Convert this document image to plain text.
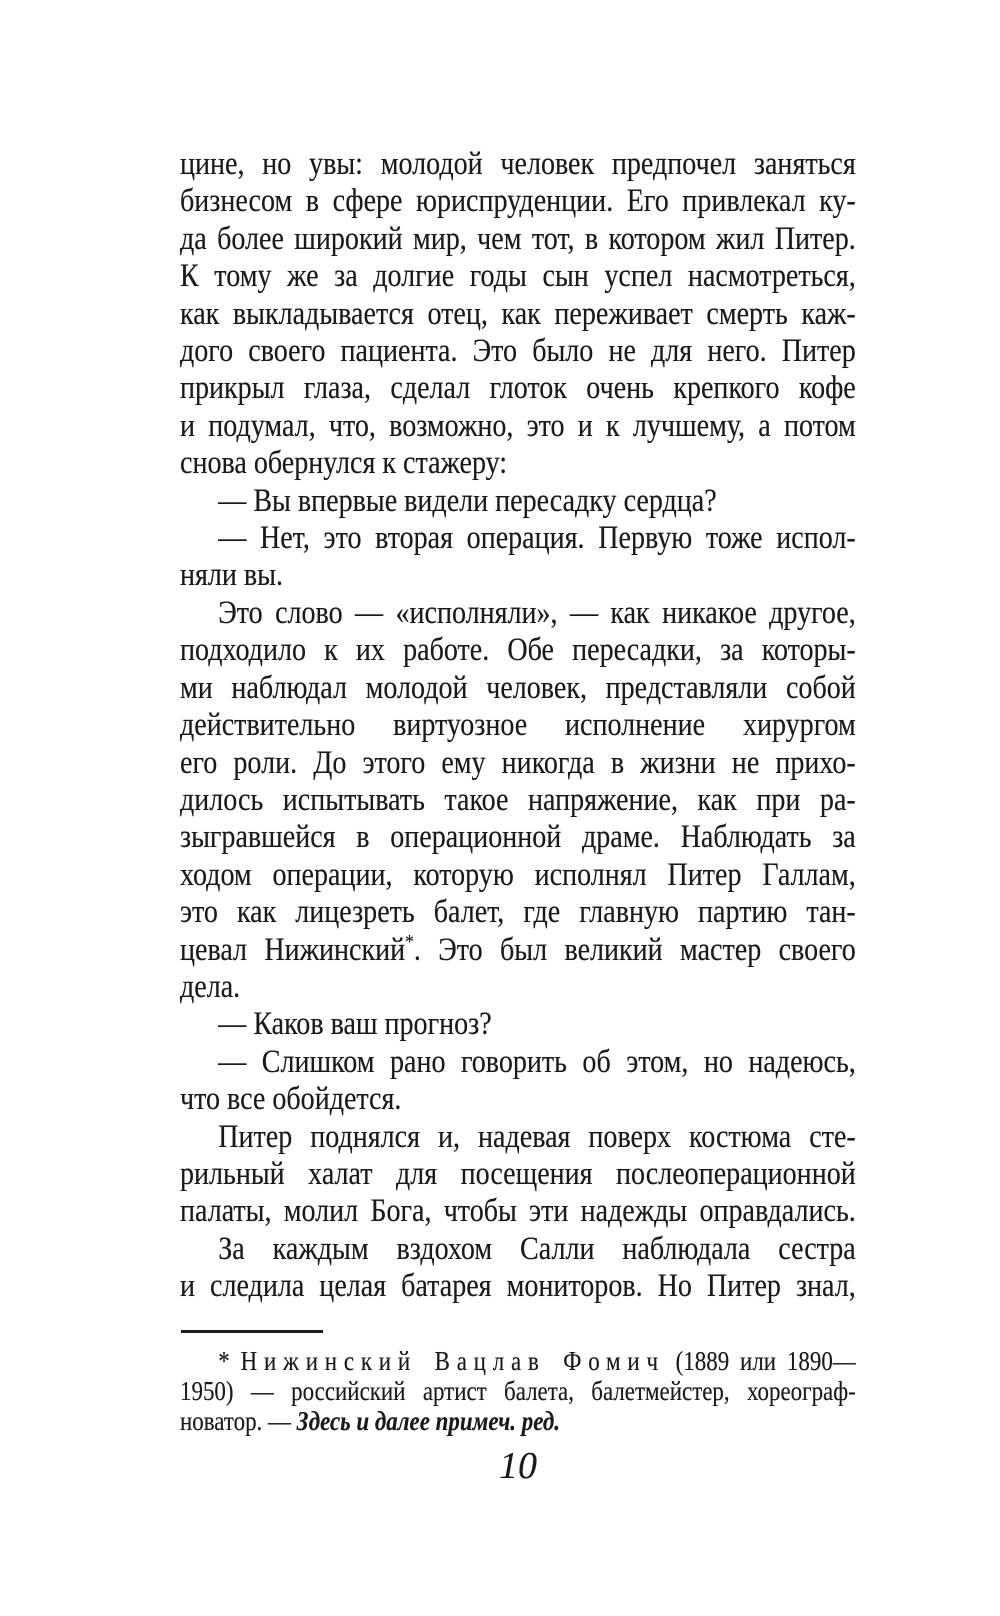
цине, но увы: молодой человек предпочел заняться
бизнесом в сфере юриспруденции. Его привлекал ку-
да более широкий мир, чем тот, в котором жил Питер.
К тому же за долгие годы сын успел насмотреться,
как выкладывается отец, как переживает смерть каж-
дого своего пациента. Это было не для него. Питер
прикрыл глаза, сделал глоток очень крепкого кофе
и подумал, что, возможно, это и к лучшему, а потом
снова обернулся к стажеру:
— Вы впервые видели пересадку сердца?
— Нет, это вторая операция. Первую тоже испол-
няли вы.
Это слово — «исполняли», — как никакое другое,
подходило к их работе. Обе пересадки, за которы-
ми наблюдал молодой человек, представляли собой
действительно виртуозное исполнение хирургом
его роли. До этого ему никогда в жизни не прихо-
дилось испытывать такое напряжение, как при ра-
зыгравшейся в операционной драме. Наблюдать за
ходом операции, которую исполнял Питер Галлам,
это как лицезреть балет, где главную партию тан-
цевал Нижинский*. Это был великий мастер своего
дела.
— Каков ваш прогноз?
— Слишком рано говорить об этом, но надеюсь,
что все обойдется.
Питер поднялся и, надевая поверх костюма сте-
рильный халат для посещения послеоперационной
палаты, молил Бога, чтобы эти надежды оправдались.
За каждым вздохом Салли наблюдала сестра
и следила целая батарея мониторов. Но Питер знал,
* Нижинский Вацлав Фомич (1889 или 1890—
1950) — российский артист балета, балетмейстер, хореограф-
новатор. — Здесь и далее примеч. ред.
10
